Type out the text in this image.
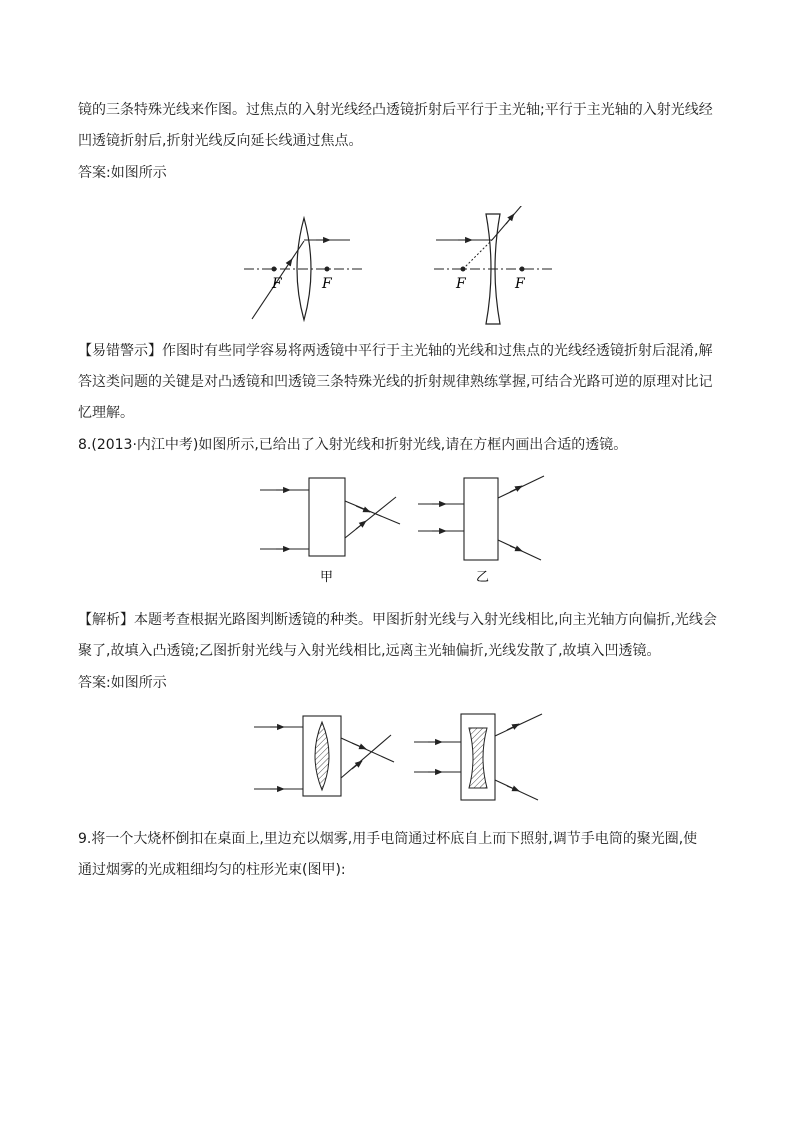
镜的三条特殊光线来作图。过焦点的入射光线经凸透镜折射后平行于主光轴;平行于主光轴的入射光线经
凹透镜折射后,折射光线反向延长线通过焦点。
答案:如图所示
F	F	F	F
【易错警示】作图时有些同学容易将两透镜中平行于主光轴的光线和过焦点的光线经透镜折射后混淆,解
答这类问题的关键是对凸透镜和凹透镜三条特殊光线的折射规律熟练掌握,可结合光路可逆的原理对比记
忆理解。
8.(2013·内江中考)如图所示,已给出了入射光线和折射光线,请在方框内画出合适的透镜。
甲	乙
【解析】本题考查根据光路图判断透镜的种类。甲图折射光线与入射光线相比,向主光轴方向偏折,光线会
聚了,故填入凸透镜;乙图折射光线与入射光线相比,远离主光轴偏折,光线发散了,故填入凹透镜。
答案:如图所示
9.将一个大烧杯倒扣在桌面上,里边充以烟雾,用手电筒通过杯底自上而下照射,调节手电筒的聚光圈,使
通过烟雾的光成粗细均匀的柱形光束(图甲):
